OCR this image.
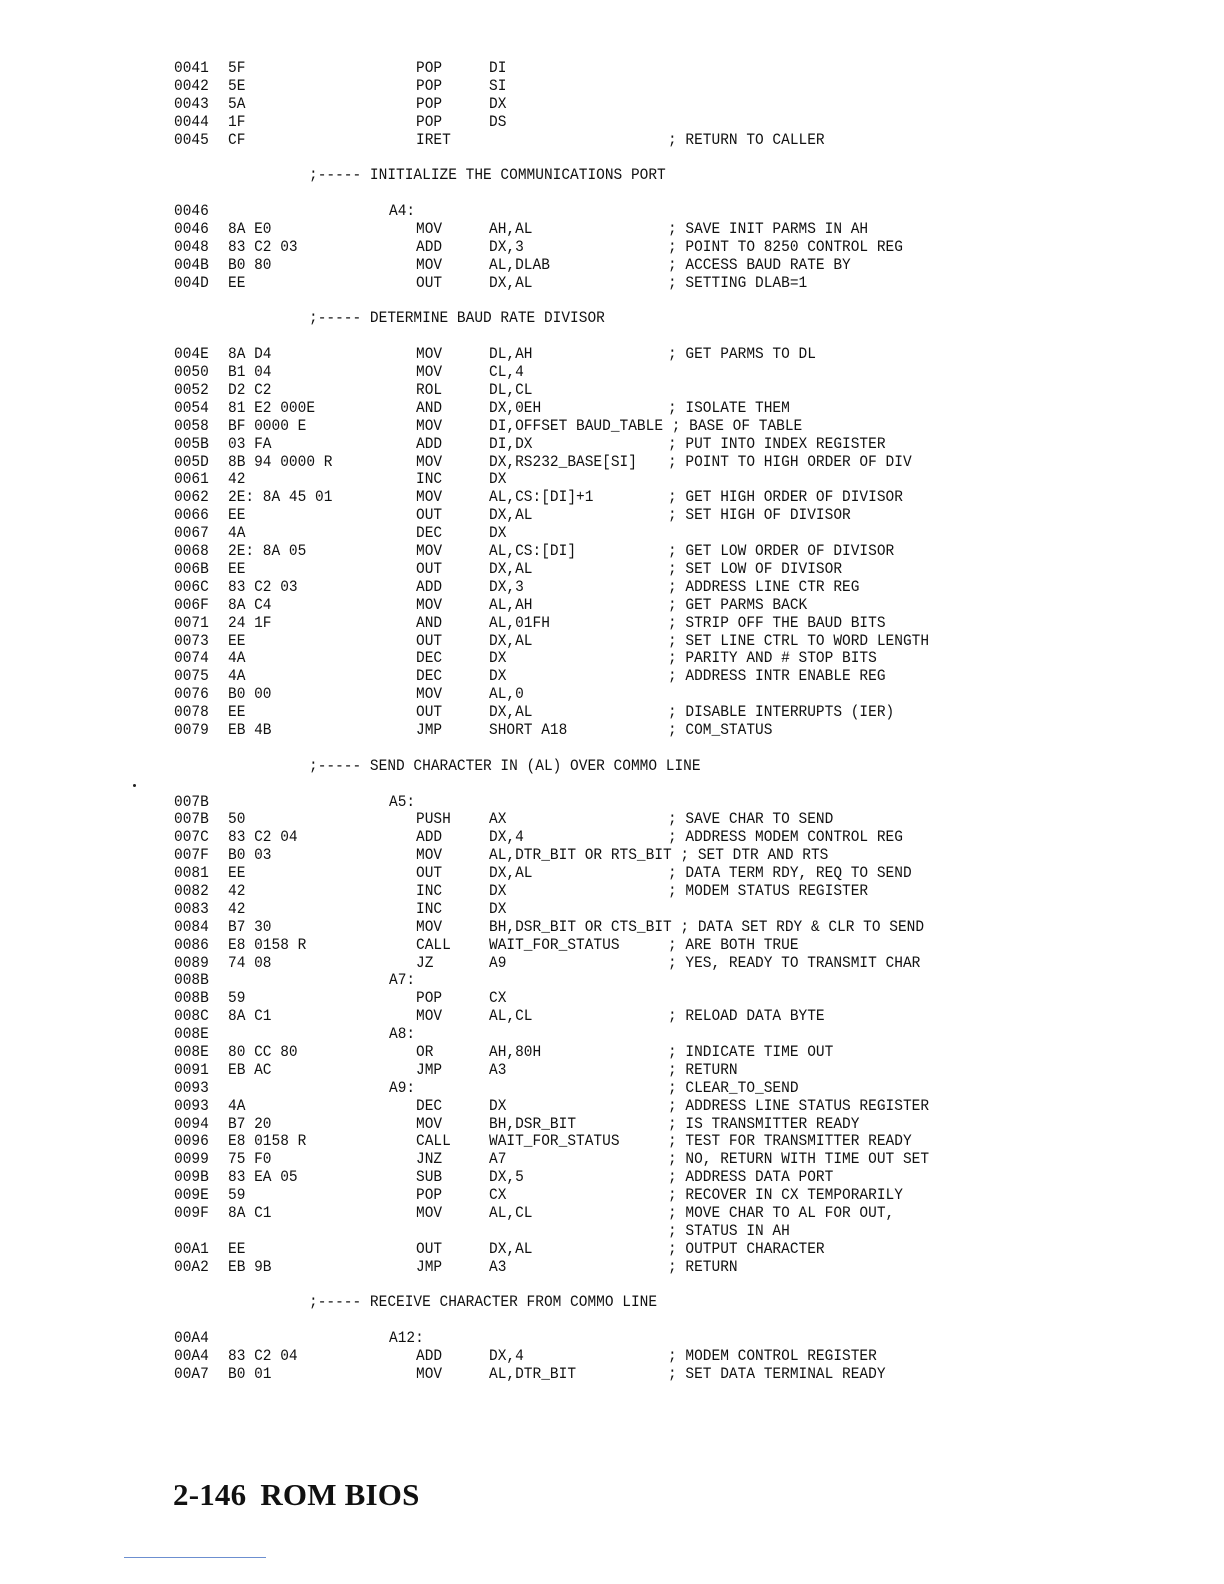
0041 5F	POP	DI
0042 5E	POP	SI
0043 5A	POP	DX
0044 1F	POP	DS
0045 CF	IRET	; RETURN TO CALLER
;----- INITIALIZE THE COMMUNICATIONS PORT
0046	A4:
0046 8A E0	MOV	AH,AL	; SAVE INIT PARMS IN AH
0048 83 C2 03	ADD	DX,3	; POINT TO 8250 CONTROL REG
004B B0 80	MOV	AL,DLAB	; ACCESS BAUD RATE BY
004D EE	OUT	DX,AL	; SETTING DLAB=1
;----- DETERMINE BAUD RATE DIVISOR
004E 8A D4	MOV	DL,AH	; GET PARMS TO DL
0050 B1 04	MOV	CL,4
0052 D2 C2	ROL	DL,CL
0054 81 E2 000E	AND	DX,0EH	; ISOLATE THEM
0058 BF 0000 E	MOV	DI,OFFSET BAUD_TABLE ; BASE OF TABLE
005B 03 FA	ADD	DI,DX	; PUT INTO INDEX REGISTER
005D 8B 94 0000 R	MOV	DX,RS232_BASE[SI] ; POINT TO HIGH ORDER OF DIV
0061 42	INC	DX
0062 2E: 8A 45 01	MOV	AL,CS:[DI]+1	; GET HIGH ORDER OF DIVISOR
0066 EE	OUT	DX,AL	; SET HIGH OF DIVISOR
0067 4A	DEC	DX
0068 2E: 8A 05	MOV	AL,CS:[DI]	; GET LOW ORDER OF DIVISOR
006B EE	OUT	DX,AL	; SET LOW OF DIVISOR
006C 83 C2 03	ADD	DX,3	; ADDRESS LINE CTR REG
006F 8A C4	MOV	AL,AH	; GET PARMS BACK
0071 24 1F	AND	AL,01FH	; STRIP OFF THE BAUD BITS
0073 EE	OUT	DX,AL	; SET LINE CTRL TO WORD LENGTH
0074 4A	DEC	DX	; PARITY AND # STOP BITS
0075 4A	DEC	DX	; ADDRESS INTR ENABLE REG
0076 B0 00	MOV	AL,0
0078 EE	OUT	DX,AL	; DISABLE INTERRUPTS (IER)
0079 EB 4B	JMP	SHORT A18	; COM_STATUS
;----- SEND CHARACTER IN (AL) OVER COMMO LINE
007B	A5:
007B 50	PUSH	AX	; SAVE CHAR TO SEND
007C 83 C2 04	ADD	DX,4	; ADDRESS MODEM CONTROL REG
007F B0 03	MOV	AL,DTR_BIT OR RTS_BIT ; SET DTR AND RTS
0081 EE	OUT	DX,AL	; DATA TERM RDY, REQ TO SEND
0082 42	INC	DX	; MODEM STATUS REGISTER
0083 42	INC	DX
0084 B7 30	MOV	BH,DSR_BIT OR CTS_BIT ; DATA SET RDY & CLR TO SEND
0086 E8 0158 R	CALL	WAIT_FOR_STATUS	; ARE BOTH TRUE
0089 74 08	JZ	A9	; YES, READY TO TRANSMIT CHAR
008B	A7:
008B 59	POP	CX
008C 8A C1	MOV	AL,CL	; RELOAD DATA BYTE
008E	A8:
008E 80 CC 80	OR	AH,80H	; INDICATE TIME OUT
0091 EB AC	JMP	A3	; RETURN
0093	A9:	; CLEAR_TO_SEND
0093 4A	DEC	DX	; ADDRESS LINE STATUS REGISTER
0094 B7 20	MOV	BH,DSR_BIT	; IS TRANSMITTER READY
0096 E8 0158 R	CALL	WAIT_FOR_STATUS	; TEST FOR TRANSMITTER READY
0099 75 F0	JNZ	A7	; NO, RETURN WITH TIME OUT SET
009B 83 EA 05	SUB	DX,5	; ADDRESS DATA PORT
009E 59	POP	CX	; RECOVER IN CX TEMPORARILY
009F 8A C1	MOV	AL,CL	; MOVE CHAR TO AL FOR OUT,
; STATUS IN AH
00A1 EE	OUT	DX,AL	; OUTPUT CHARACTER
00A2 EB 9B	JMP	A3	; RETURN
;----- RECEIVE CHARACTER FROM COMMO LINE
00A4	A12:
00A4 83 C2 04	ADD	DX,4	; MODEM CONTROL REGISTER
00A7 B0 01	MOV	AL,DTR_BIT	; SET DATA TERMINAL READY
2-146 ROM BIOS
